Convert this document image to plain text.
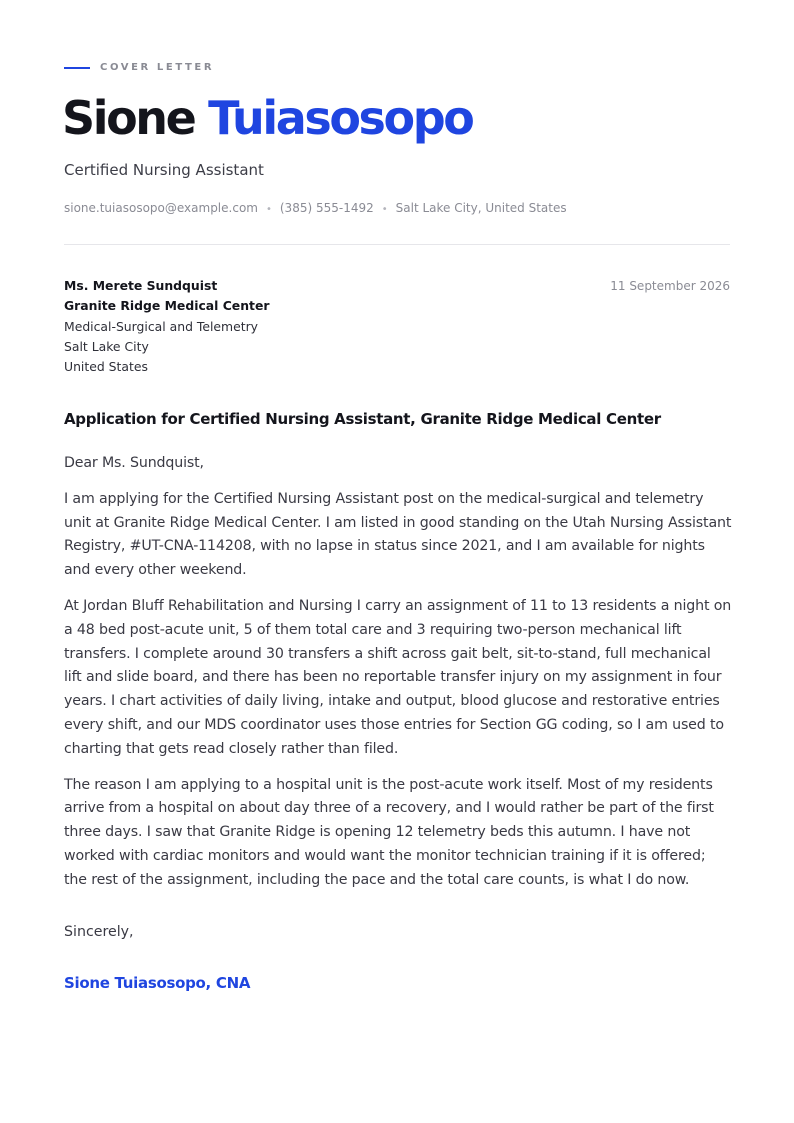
COVER LETTER
Sione Tuiasosopo
Certified Nursing Assistant
sione.tuiasosopo@example.com • (385) 555-1492 • Salt Lake City, United States
Ms. Merete Sundquist
Granite Ridge Medical Center
Medical-Surgical and Telemetry
Salt Lake City
United States
11 September 2026
Application for Certified Nursing Assistant, Granite Ridge Medical Center

Dear Ms. Sundquist,

I am applying for the Certified Nursing Assistant post on the medical-surgical and telemetry unit at Granite Ridge Medical Center. I am listed in good standing on the Utah Nursing Assistant Registry, #UT-CNA-114208, with no lapse in status since 2021, and I am available for nights and every other weekend.

At Jordan Bluff Rehabilitation and Nursing I carry an assignment of 11 to 13 residents a night on a 48 bed post-acute unit, 5 of them total care and 3 requiring two-person mechanical lift transfers. I complete around 30 transfers a shift across gait belt, sit-to-stand, full mechanical lift and slide board, and there has been no reportable transfer injury on my assignment in four years. I chart activities of daily living, intake and output, blood glucose and restorative entries every shift, and our MDS coordinator uses those entries for Section GG coding, so I am used to charting that gets read closely rather than filed.

The reason I am applying to a hospital unit is the post-acute work itself. Most of my residents arrive from a hospital on about day three of a recovery, and I would rather be part of the first three days. I saw that Granite Ridge is opening 12 telemetry beds this autumn. I have not worked with cardiac monitors and would want the monitor technician training if it is offered; the rest of the assignment, including the pace and the total care counts, is what I do now.

Sincerely,
Sione Tuiasosopo, CNA
